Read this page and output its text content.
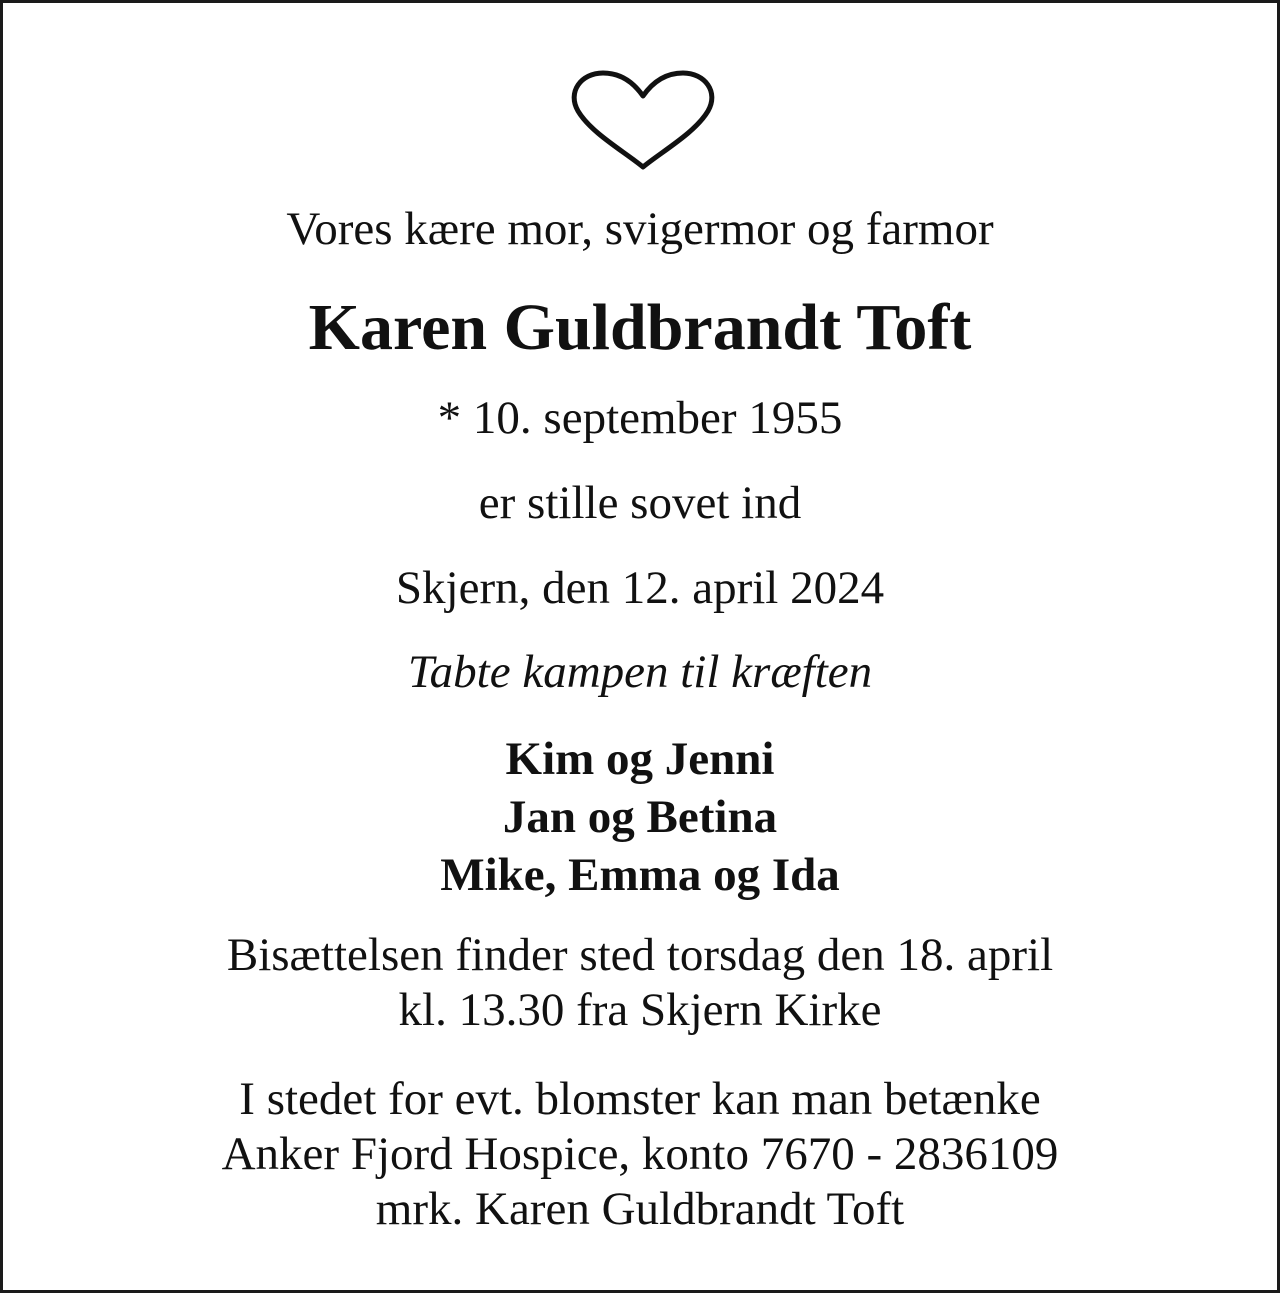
Vores kære mor, svigermor og farmor

Karen Guldbrandt Toft

* 10. september 1955

er stille sovet ind

Skjern, den 12. april 2024

Tabte kampen til kræften

Kim og Jenni
Jan og Betina
Mike, Emma og Ida
Bisættelsen finder sted torsdag den 18. april
kl. 13.30 fra Skjern Kirke
I stedet for evt. blomster kan man betænke
Anker Fjord Hospice, konto 7670 - 2836109
mrk. Karen Guldbrandt Toft
